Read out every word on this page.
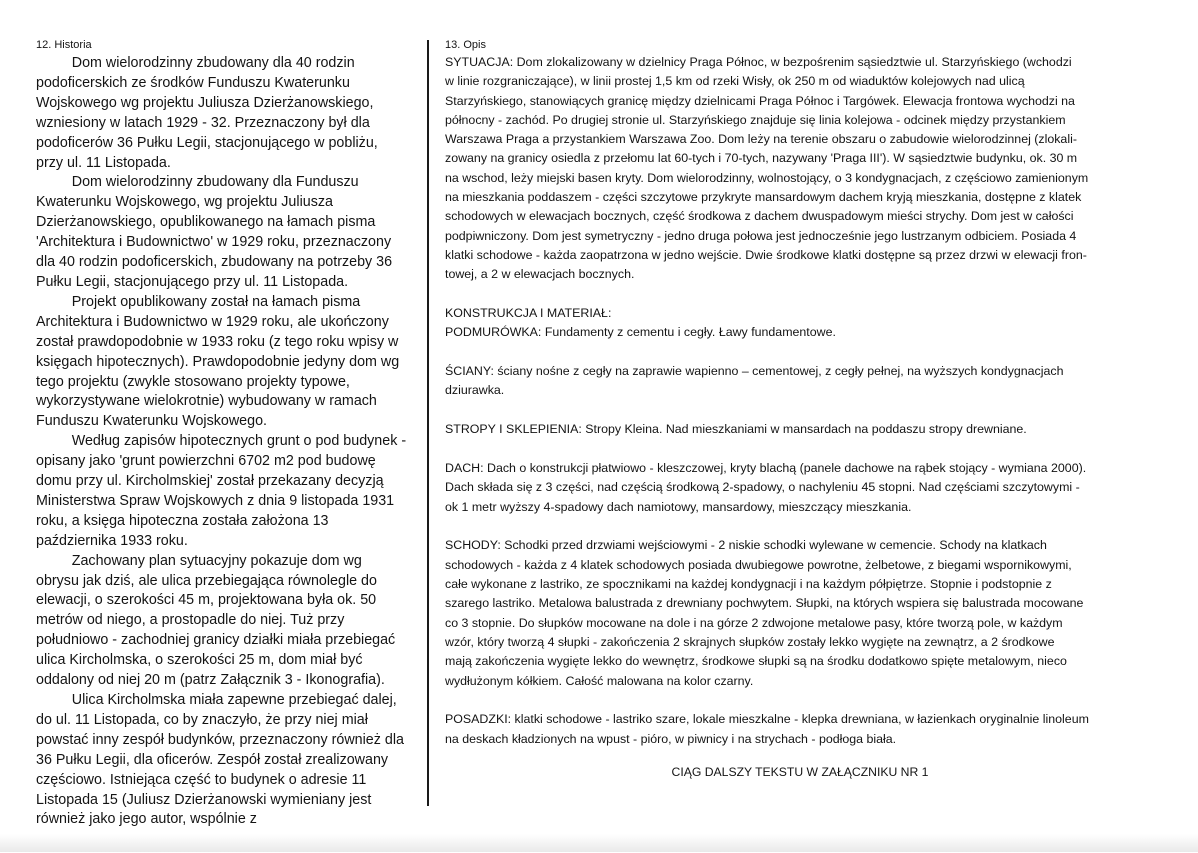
12. Historia

Dom wielorodzinny zbudowany dla 40 rodzin podoficerskich ze środków Funduszu Kwaterunku Wojskowego wg projektu Juliusza Dzierżanowskiego, wzniesiony w latach 1929 - 32. Przeznaczony był dla podoficerów 36 Pułku Legii, stacjonującego w pobliżu, przy ul. 11 Listopada.

Dom wielorodzinny zbudowany dla Funduszu Kwaterunku Wojskowego, wg projektu Juliusza Dzierżanowskiego, opublikowanego na łamach pisma 'Architektura i Budownictwo' w 1929 roku, przeznaczony dla 40 rodzin podoficerskich, zbudowany na potrzeby 36 Pułku Legii, stacjonującego przy ul. 11 Listopada.

Projekt opublikowany został na łamach pisma Architektura i Budownictwo w 1929 roku, ale ukończony został prawdopodobnie w 1933 roku (z tego roku wpisy w księgach hipotecznych). Prawdopodobnie jedyny dom wg tego projektu (zwykle stosowano projekty typowe, wykorzystywane wielokrotnie) wybudowany w ramach Funduszu Kwaterunku Wojskowego.

Według zapisów hipotecznych grunt o pod budynek - opisany jako 'grunt powierzchni 6702 m2 pod budowę domu przy ul. Kircholmskiej' został przekazany decyzją Ministerstwa Spraw Wojskowych z dnia 9 listopada 1931 roku, a księga hipoteczna została założona 13 października 1933 roku.

Zachowany plan sytuacyjny pokazuje dom wg obrysu jak dziś, ale ulica przebiegająca równolegle do elewacji, o szerokości 45 m, projektowana była ok. 50 metrów od niego, a prostopadle do niej. Tuż przy południowo - zachodniej granicy działki miała przebiegać ulica Kircholmska, o szerokości 25 m, dom miał być oddalony od niej 20 m (patrz Załącznik 3 - Ikonografia).

Ulica Kircholmska miała zapewne przebiegać dalej, do ul. 11 Listopada, co by znaczyło, że przy niej miał powstać inny zespół budynków, przeznaczony również dla 36 Pułku Legii, dla oficerów. Zespół został zrealizowany częściowo. Istniejąca część to budynek o adresie 11 Listopada 15 (Juliusz Dzierżanowski wymieniany jest również jako jego autor, wspólnie z

13. Opis
SYTUACJA: Dom zlokalizowany w dzielnicy Praga Północ, w bezpośrenim sąsiedztwie ul. Starzyńskiego (wchodzi
w linie rozgraniczające), w linii prostej 1,5 km od rzeki Wisły, ok 250 m od wiaduktów kolejowych nad ulicą
Starzyńskiego, stanowiących granicę między dzielnicami Praga Północ i Targówek. Elewacja frontowa wychodzi na
północny - zachód. Po drugiej stronie ul. Starzyńskiego znajduje się linia kolejowa - odcinek między przystankiem
Warszawa Praga a przystankiem Warszawa Zoo. Dom leży na terenie obszaru o zabudowie wielorodzinnej (zlokali-
zowany na granicy osiedla z przełomu lat 60-tych i 70-tych, nazywany 'Praga III'). W sąsiedztwie budynku, ok. 30 m
na wschod, leży miejski basen kryty. Dom wielorodzinny, wolnostojący, o 3 kondygnacjach, z częściowo zamienionym
na mieszkania poddaszem - części szczytowe przykryte mansardowym dachem kryją mieszkania, dostępne z klatek
schodowych w elewacjach bocznych, część środkowa z dachem dwuspadowym mieści strychy. Dom jest w całości
podpiwniczony. Dom jest symetryczny - jedno druga połowa jest jednocześnie jego lustrzanym odbiciem. Posiada 4
klatki schodowe - każda zaopatrzona w jedno wejście. Dwie środkowe klatki dostępne są przez drzwi w elewacji fron-
towej, a 2 w elewacjach bocznych.
KONSTRUKCJA I MATERIAŁ:
PODMURÓWKA: Fundamenty z cementu i cegły. Ławy fundamentowe.
ŚCIANY: ściany nośne z cegły na zaprawie wapienno – cementowej, z cegły pełnej, na wyższych kondygnacjach
dziurawka.
STROPY I SKLEPIENIA: Stropy Kleina. Nad mieszkaniami w mansardach na poddaszu stropy drewniane.
DACH: Dach o konstrukcji płatwiowo - kleszczowej, kryty blachą (panele dachowe na rąbek stojący - wymiana 2000).
Dach składa się z 3 części, nad częścią środkową 2-spadowy, o nachyleniu 45 stopni. Nad częściami szczytowymi -
ok 1 metr wyższy 4-spadowy dach namiotowy, mansardowy, mieszczący mieszkania.
SCHODY: Schodki przed drzwiami wejściowymi - 2 niskie schodki wylewane w cemencie. Schody na klatkach
schodowych - każda z 4 klatek schodowych posiada dwubiegowe powrotne, żelbetowe, z biegami wspornikowymi,
całe wykonane z lastriko, ze spocznikami na każdej kondygnacji i na każdym półpiętrze. Stopnie i podstopnie z
szarego lastriko. Metalowa balustrada z drewniany pochwytem. Słupki, na których wspiera się balustrada mocowane
co 3 stopnie. Do słupków mocowane na dole i na górze 2 zdwojone metalowe pasy, które tworzą pole, w każdym
wzór, który tworzą 4 słupki - zakończenia 2 skrajnych słupków zostały lekko wygięte na zewnątrz, a 2 środkowe
mają zakończenia wygięte lekko do wewnętrz, środkowe słupki są na środku dodatkowo spięte metalowym, nieco
wydłużonym kółkiem. Całość malowana na kolor czarny.
POSADZKI: klatki schodowe - lastriko szare, lokale mieszkalne - klepka drewniana, w łazienkach oryginalnie linoleum
na deskach kładzionych na wpust - pióro, w piwnicy i na strychach - podłoga biała.
CIĄG DALSZY TEKSTU W ZAŁĄCZNIKU NR 1
